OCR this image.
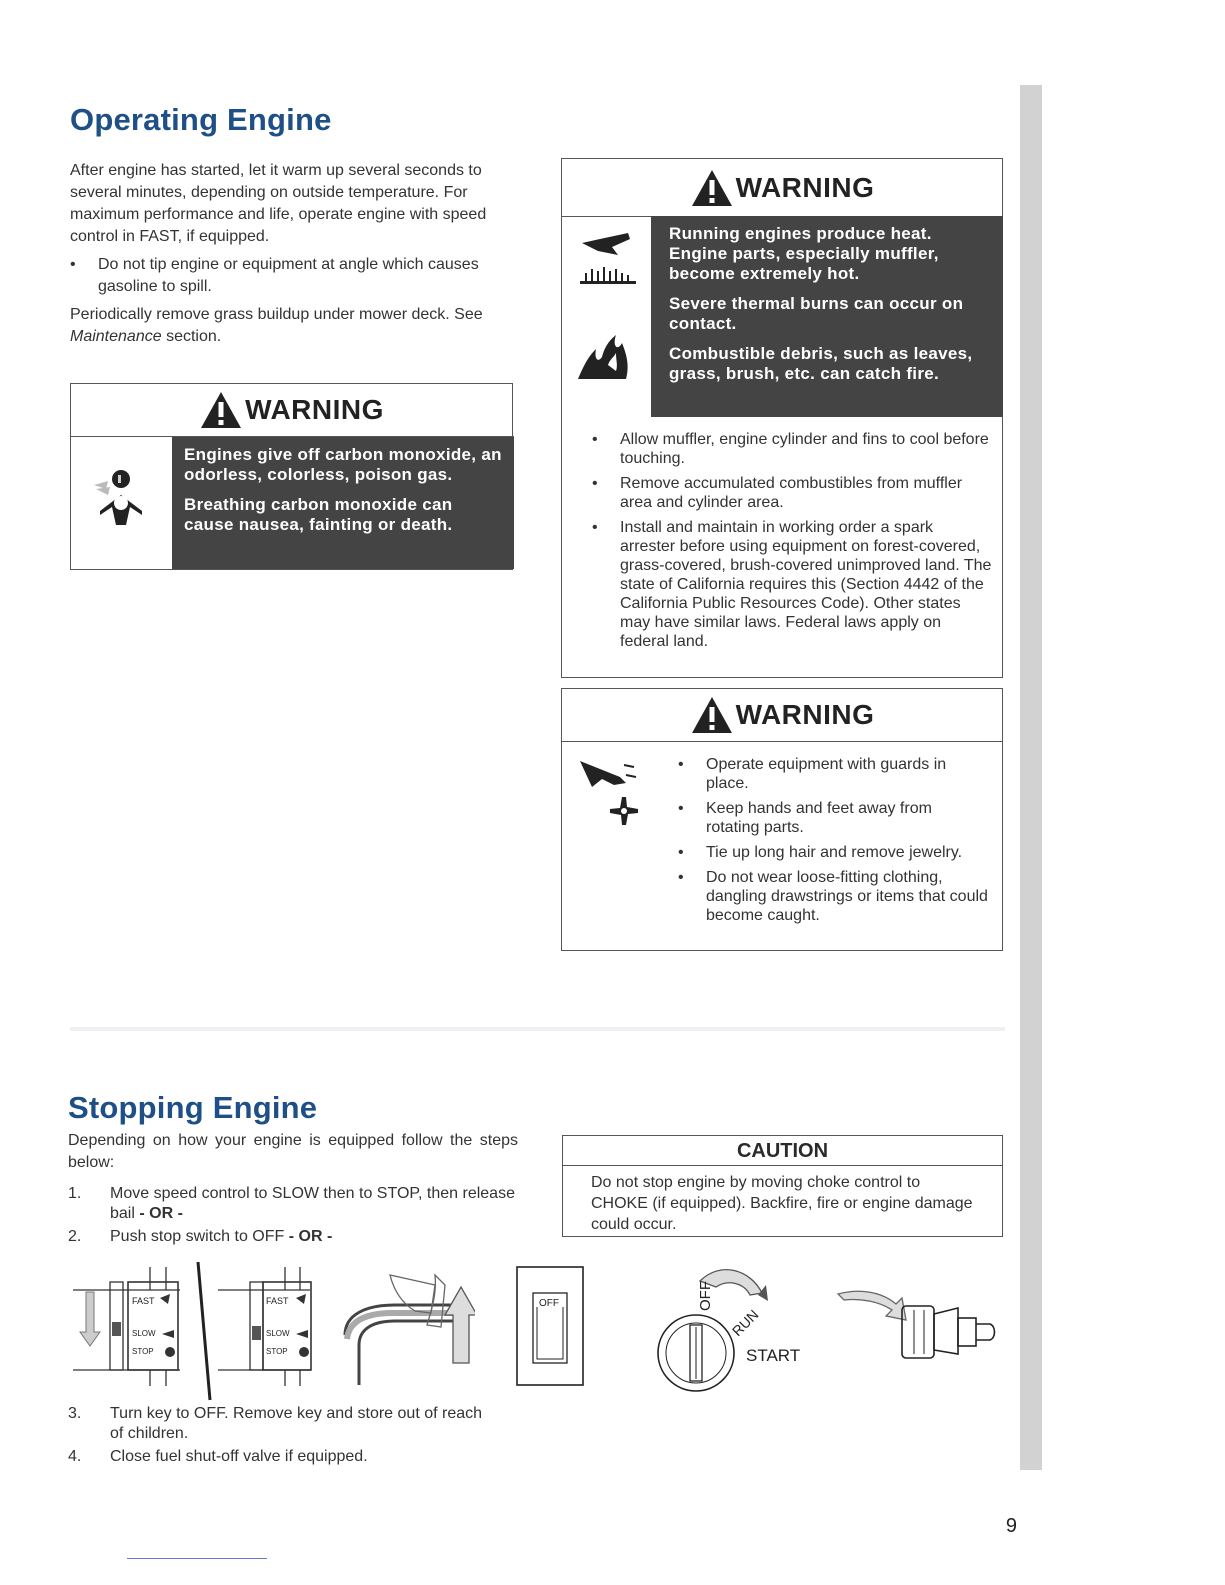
Operating Engine

After engine has started, let it warm up several seconds to several minutes, depending on outside temperature. For maximum performance and life, operate engine with speed control in FAST, if equipped.

• Do not tip engine or equipment at angle which causes gasoline to spill.

Periodically remove grass buildup under mower deck. See Maintenance section.

WARNING

Engines give off carbon monoxide, an odorless, colorless, poison gas.

Breathing carbon monoxide can cause nausea, fainting or death.

WARNING

Running engines produce heat. Engine parts, especially muffler, become extremely hot.

Severe thermal burns can occur on contact.

Combustible debris, such as leaves, grass, brush, etc. can catch fire.

• Allow muffler, engine cylinder and fins to cool before touching.
• Remove accumulated combustibles from muffler area and cylinder area.
• Install and maintain in working order a spark arrester before using equipment on forest-covered, grass-covered, brush-covered unimproved land. The state of California requires this (Section 4442 of the California Public Resources Code). Other states may have similar laws. Federal laws apply on federal land.
WARNING
• Operate equipment with guards in place.
• Keep hands and feet away from rotating parts.
• Tie up long hair and remove jewelry.
• Do not wear loose-fitting clothing, dangling drawstrings or items that could become caught.
Stopping Engine

Depending on how your engine is equipped follow the steps below:

1. Move speed control to SLOW then to STOP, then release bail - OR -
2. Push stop switch to OFF - OR -
3. Turn key to OFF. Remove key and store out of reach of children.
4. Close fuel shut-off valve if equipped.
CAUTION
Do not stop engine by moving choke control to CHOKE (if equipped). Backfire, fire or engine damage could occur.
FAST
SLOW
STOP
FAST
SLOW
STOP
OFF	OFF
RUN
START
9
